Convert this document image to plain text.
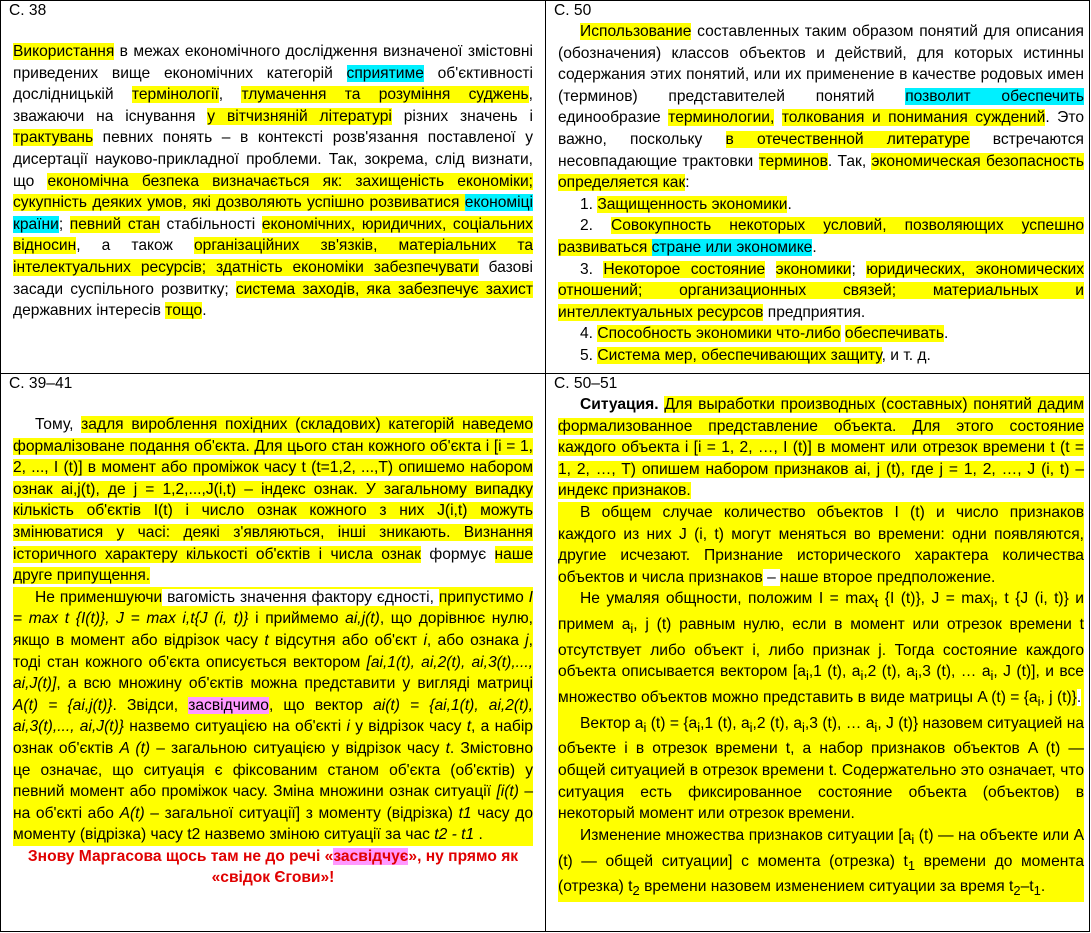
С. 38

Використання в межах економічного дослідження визначеної змістовні приведених вище економічних категорій сприятиме об'єктивності дослідницькій термінології, тлумачення та розуміння суджень, зважаючи на існування у вітчизняній літературі різних значень і трактувань певних понять – в контексті розв'язання поставленої у дисертації науково-прикладної проблеми. Так, зокрема, слід визнати, що економічна безпека визначається як: захищеність економіки; сукупність деяких умов, які дозволяють успішно розвиватися економіці країни; певний стан стабільності економічних, юридичних, соціальних відносин, а також організаційних зв'язків, матеріальних та інтелектуальних ресурсів; здатність економіки забезпечувати базові засади суспільного розвитку; система заходів, яка забезпечує захист державних інтересів тощо.

С. 50

Использование составленных таким образом понятий для описания (обозначения) классов объектов и действий, для которых истинны содержания этих понятий, или их применение в качестве родовых имен (терминов) представителей понятий позволит обеспечить единообразие терминологии, толкования и понимания суждений. Это важно, поскольку в отечественной литературе встречаются несовпадающие трактовки терминов. Так, экономическая безопасность определяется как:

1. Защищенность экономики.

2. Совокупность некоторых условий, позволяющих успешно развиваться стране или экономике.

3. Некоторое состояние экономики; юридических, экономических отношений; организационных связей; материальных и интеллектуальных ресурсов предприятия.

4. Способность экономики что-либо обеспечивать.

5. Система мер, обеспечивающих защиту, и т. д.

С. 39–41

Тому, задля вироблення похідних (складових) категорій наведемо формалізоване подання об'єкта. Для цього стан кожного об'єкта i [i = 1, 2, ..., I (t)] в момент або проміжок часу t (t=1,2, ...,T) опишемо набором ознак ai,j(t), де j = 1,2,...,J(i,t) – індекс ознак. У загальному випадку кількість об'єктів I(t) і число ознак кожного з них J(i,t) можуть змінюватися у часі: деякі з'являються, інші зникають. Визнання історичного характеру кількості об'єктів і числа ознак формує наше друге припущення.

Не применшуючи вагомість значення фактору єдності, припустимо I = max t {I(t)}, J = max i,t{J (i, t)} і приймемо ai,j(t), що дорівнює нулю, якщо в момент або відрізок часу t відсутня або об'єкт i, або ознака j, тоді стан кожного об'єкта описується вектором [ai,1(t), ai,2(t), ai,3(t),..., ai,J(t)], а всю множину об'єктів можна представити у вигляді матриці A(t) = {ai,j(t)}. Звідси, засвідчимо, що вектор ai(t) = {ai,1(t), ai,2(t), ai,3(t),..., ai,J(t)} назвемо ситуацією на об'єкті i у відрізок часу t, а набір ознак об'єктів A (t) – загальною ситуацією у відрізок часу t. Змістовно це означає, що ситуація є фіксованим станом об'єкта (об'єктів) у певний момент або проміжок часу. Зміна множини ознак ситуації [i(t) – на об'єкті або A(t) – загальної ситуації] з моменту (відрізка) t1 часу до моменту (відрізка) часу t2 назвемо зміною ситуації за час t2 - t1 .

Знову Маргасова щось там не до речі «засвідчує», ну прямо як «свідок Єгови»!

С. 50–51

Ситуация. Для выработки производных (составных) понятий дадим формализованное представление объекта. Для этого состояние каждого объекта i [i = 1, 2, …, I (t)] в момент или отрезок времени t (t = 1, 2, …, T) опишем набором признаков ai, j (t), где j = 1, 2, …, J (i, t) – индекс признаков.

В общем случае количество объектов I (t) и число признаков каждого из них J (i, t) могут меняться во времени: одни появляются, другие исчезают. Признание исторического характера количества объектов и числа признаков – наше второе предположение.

Не умаляя общности, положим $I = \max_t \{I$ (t)}, $J = \max_i$, t {J (i, t)} и примем $a_i$, j (t) равным нулю, если в момент или отрезок времени t отсутствует либо объект i, либо признак j. Тогда состояние каждого объекта описывается вектором [$a_i,1$ (t), $a_i,2$ (t), $a_i,3$ (t), … $a_i$, J (t)], и все множество объектов можно представить в виде матрицы A $(t) = \{a_i$, j (t)}.

Вектор $a_i$ $(t) = \{a_i,1$ (t), $a_i,2$ (t), $a_i,3$ (t), … $a_i$, J (t)} назовем ситуацией на объекте i в отрезок времени t, а набор признаков объектов A (t) — общей ситуацией в отрезок времени t. Содержательно это означает, что ситуация есть фиксированное состояние объекта (объектов) в некоторый момент или отрезок времени.

Изменение множества признаков ситуации [$a_i$ (t) — на объекте или A (t) — общей ситуации] с момента (отрезка) $t_1$ времени до момента (отрезка) $t_2$ времени назовем изменением ситуации за время $t_2-t_1$.
